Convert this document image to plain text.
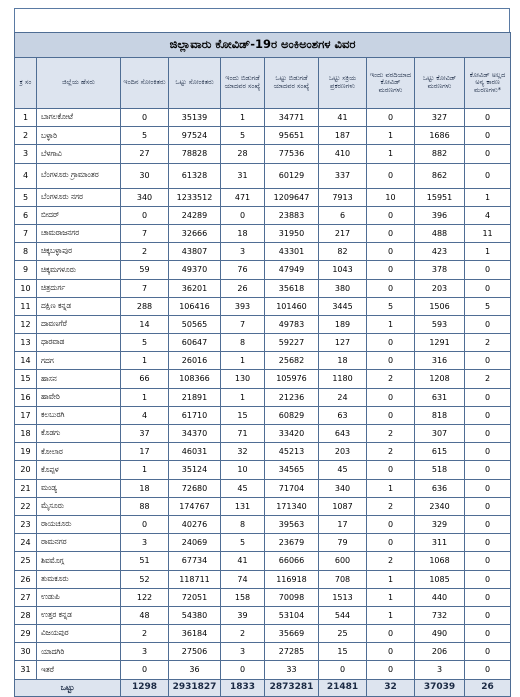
ಜಿಲ್ಲಾವಾರು ಕೋವಿಡ್-19ರ ಅಂಕಿಅಂಶಗಳ ವಿವರ									
ಕ್ರ ಸಂ	ಜಿಲ್ಲೆಯ ಹೆಸರು	ಇಂದಿನ ಸೋಂಕಿತರು	ಒಟ್ಟು ಸೋಂಕಿತರು	ಇಂದು ಬಿಡುಗಡೆ ಯಾದವರ ಸಂಖ್ಯೆ	ಒಟ್ಟು ಬಿಡುಗಡೆ ಯಾದವರ ಸಂಖ್ಯೆ	ಒಟ್ಟು ಸಕ್ರಿಯ ಪ್ರಕರಣಗಳು	ಇಂದು ವರದಿಯಾದ ಕೋವಿಡ್ ಮರಣಗಳು	ಒಟ್ಟು ಕೋವಿಡ್ ಮರಣಗಳು	ಕೋವಿಡ್ ಅಲ್ಲದ ಅನ್ಯ ಕಾರಣ ಮರಣಗಳು*
1	ಬಾಗಲಕೋಟೆ	0	35139	1	34771	41	0	327	0
2	ಬಳ್ಳಾರಿ	5	97524	5	95651	187	1	1686	0
3	ಬೆಳಗಾವಿ	27	78828	28	77536	410	1	882	0
4	ಬೆಂಗಳೂರು ಗ್ರಾಮಾಂತರ	30	61328	31	60129	337	0	862	0
5	ಬೆಂಗಳೂರು ನಗರ	340	1233512	471	1209647	7913	10	15951	1
6	ಬೀದರ್	0	24289	0	23883	6	0	396	4
7	ಚಾಮರಾಜನಗರ	7	32666	18	31950	217	0	488	11
8	ಚಿಕ್ಕಬಳ್ಳಾಪುರ	2	43807	3	43301	82	0	423	1
9	ಚಿಕ್ಕಮಗಳೂರು	59	49370	76	47949	1043	0	378	0
10	ಚಿತ್ರದುರ್ಗ	7	36201	26	35618	380	0	203	0
11	ದಕ್ಷಿಣ ಕನ್ನಡ	288	106416	393	101460	3445	5	1506	5
12	ದಾವಣಗೆರೆ	14	50565	7	49783	189	1	593	0
13	ಧಾರವಾಡ	5	60647	8	59227	127	0	1291	2
14	ಗದಗ	1	26016	1	25682	18	0	316	0
15	ಹಾಸನ	66	108366	130	105976	1180	2	1208	2
16	ಹಾವೇರಿ	1	21891	1	21236	24	0	631	0
17	ಕಲಬುರಗಿ	4	61710	15	60829	63	0	818	0
18	ಕೊಡಗು	37	34370	71	33420	643	2	307	0
19	ಕೋಲಾರ	17	46031	32	45213	203	2	615	0
20	ಕೊಪ್ಪಳ	1	35124	10	34565	45	0	518	0
21	ಮಂಡ್ಯ	18	72680	45	71704	340	1	636	0
22	ಮೈಸೂರು	88	174767	131	171340	1087	2	2340	0
23	ರಾಯಚೂರು	0	40276	8	39563	17	0	329	0
24	ರಾಮನಗರ	3	24069	5	23679	79	0	311	0
25	ಶಿವಮೊಗ್ಗ	51	67734	41	66066	600	2	1068	0
26	ತುಮಕೂರು	52	118711	74	116918	708	1	1085	0
27	ಉಡುಪಿ	122	72051	158	70098	1513	1	440	0
28	ಉತ್ತರ ಕನ್ನಡ	48	54380	39	53104	544	1	732	0
29	ವಿಜಯಪುರ	2	36184	2	35669	25	0	490	0
30	ಯಾದಗಿರಿ	3	27506	3	27285	15	0	206	0
31	ಇತರೆ	0	36	0	33	0	0	3	0
ಒಟ್ಟು		1298	2931827	1833	2873281	21481	32	37039	26
